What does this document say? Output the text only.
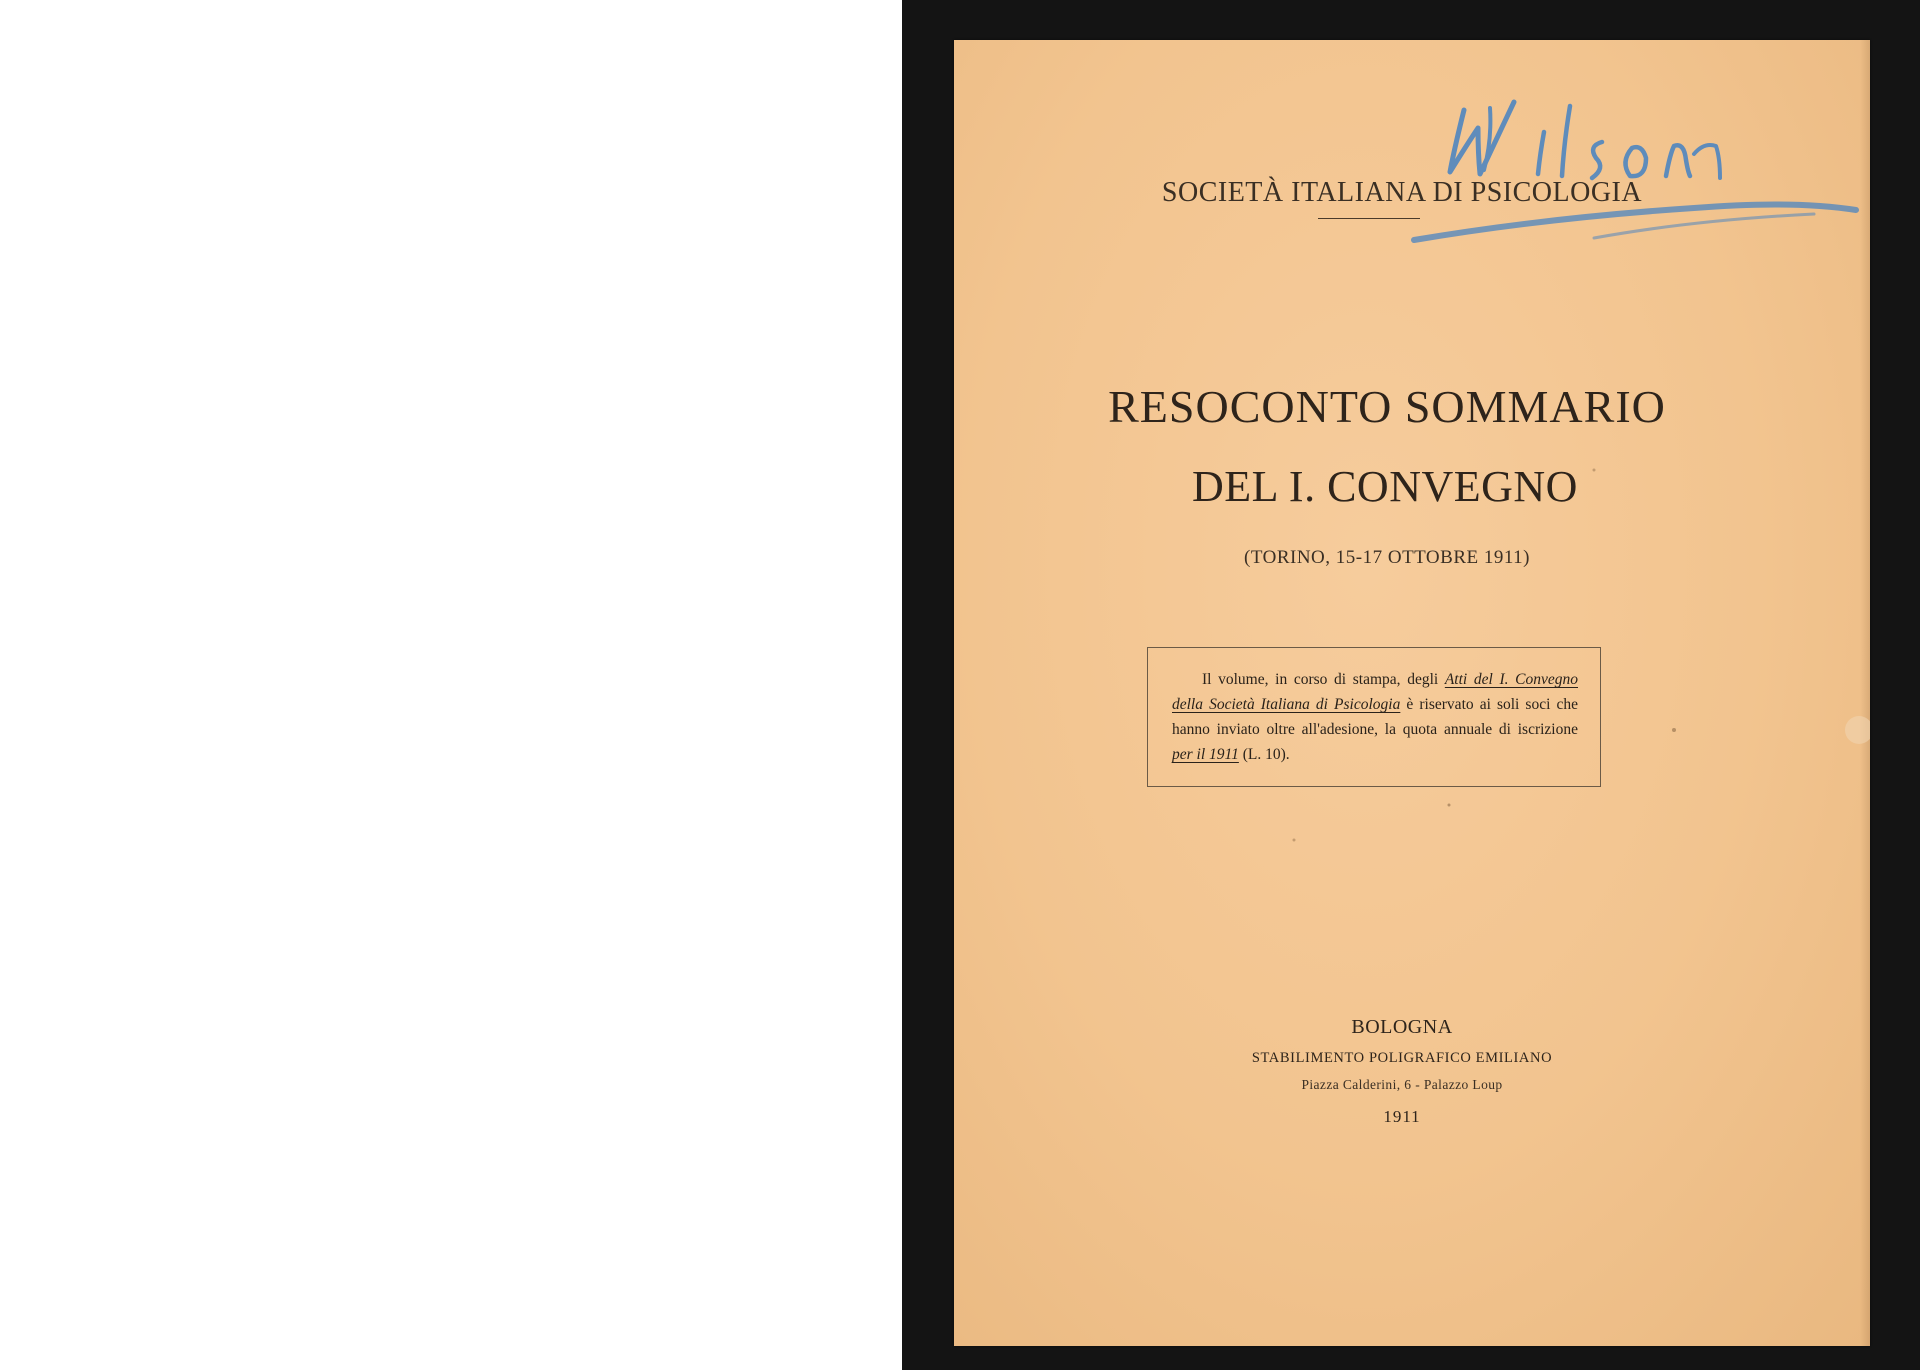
SOCIETÀ ITALIANA DI PSICOLOGIA
RESOCONTO SOMMARIO
DEL I. CONVEGNO
(TORINO, 15-17 OTTOBRE 1911)
Il volume, in corso di stampa, degli Atti del I. Convegno della Società Italiana di Psicologia è riservato ai soli soci che hanno inviato oltre all'adesione, la quota annuale di iscrizione per il 1911 (L. 10).
BOLOGNA
STABILIMENTO POLIGRAFICO EMILIANO
Piazza Calderini, 6 - Palazzo Loup
1911
